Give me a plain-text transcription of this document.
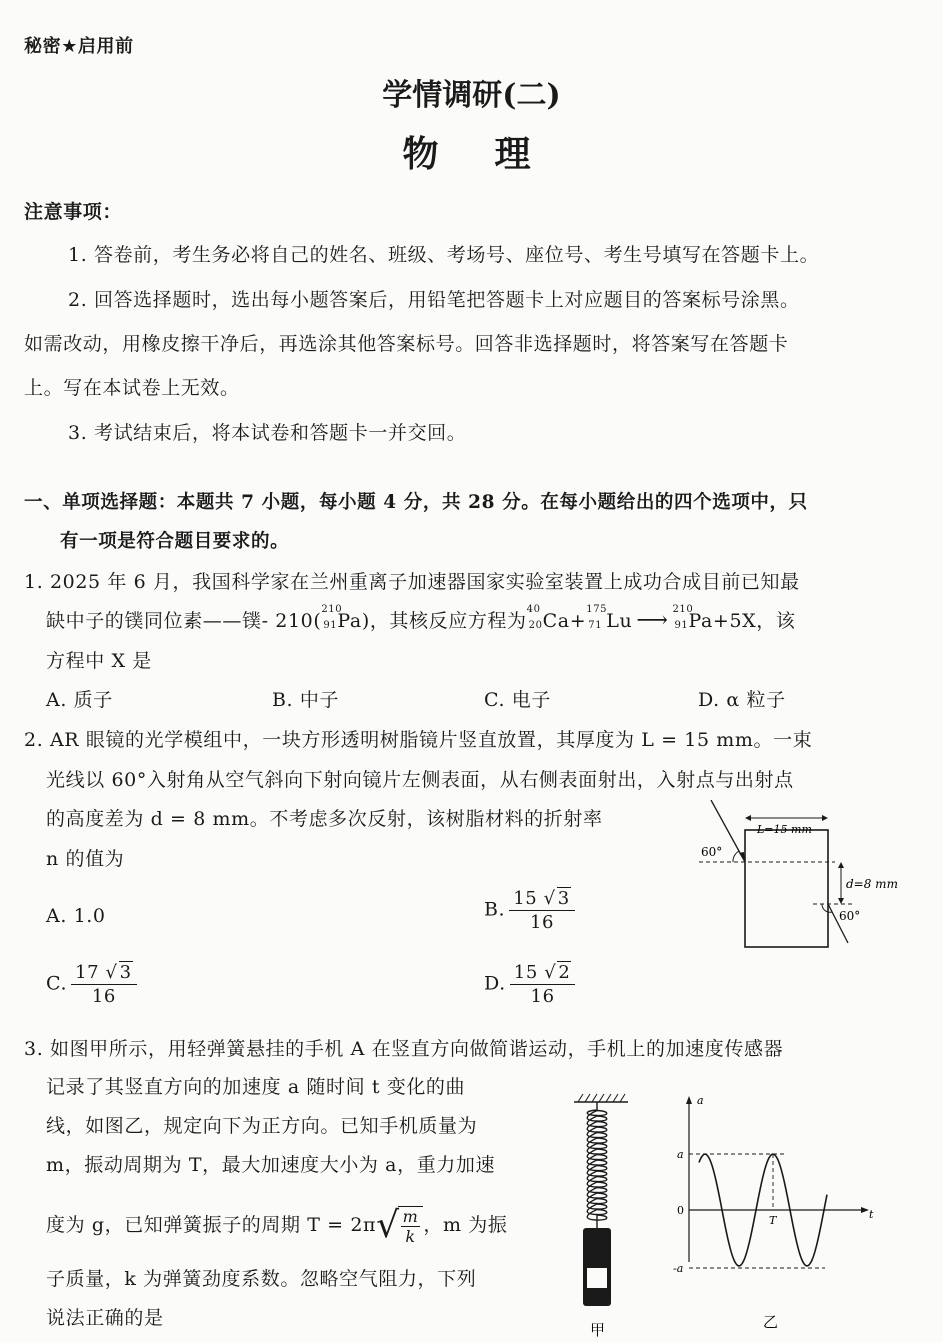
秘密★启用前
学情调研(二)
物　理
注意事项：
1. 答卷前，考生务必将自己的姓名、班级、考场号、座位号、考生号填写在答题卡上。
2. 回答选择题时，选出每小题答案后，用铅笔把答题卡上对应题目的答案标号涂黑。
如需改动，用橡皮擦干净后，再选涂其他答案标号。回答非选择题时，将答案写在答题卡
上。写在本试卷上无效。
3. 考试结束后，将本试卷和答题卡一并交回。
一、单项选择题：本题共 7 小题，每小题 4 分，共 28 分。在每小题给出的四个选项中，只
有一项是符合题目要求的。
1. 2025 年 6 月，我国科学家在兰州重离子加速器国家实验室装置上成功合成目前已知最
缺中子的镤同位素——镤- 210(
210
91 Pa)，其核反应方程为
40
20 Ca+
175
71 Lu ⟶ 210
91 Pa+5X，该
方程中 X 是
A. 质子	B. 中子	C. 电子	D. α 粒子
2. AR 眼镜的光学模组中，一块方形透明树脂镜片竖直放置，其厚度为 L = 15 mm。一束
光线以 60°入射角从空气斜向下射向镜片左侧表面，从右侧表面射出，入射点与出射点
的高度差为 d = 8 mm。不考虑多次反射，该树脂材料的折射率
n 的值为
A. 1.0	B. $\frac{15 √ 3}{16}$
C. $\frac{17 √ 3}{16}$	D. $\frac{15 √ 2}{16}$
L=15 mm
60°
60°
d=8 mm
3. 如图甲所示，用轻弹簧悬挂的手机 A 在竖直方向做简谐运动，手机上的加速度传感器
记录了其竖直方向的加速度 a 随时间 t 变化的曲
线，如图乙，规定向下为正方向。已知手机质量为
m，振动周期为 T，最大加速度大小为 a，重力加速
度为 g，已知弹簧振子的周期 T = 2π √
$\frac{m}{k}$ ，m 为振
子质量，k 为弹簧劲度系数。忽略空气阻力，下列
说法正确的是
甲
a
t
a
0
-a
T
乙
